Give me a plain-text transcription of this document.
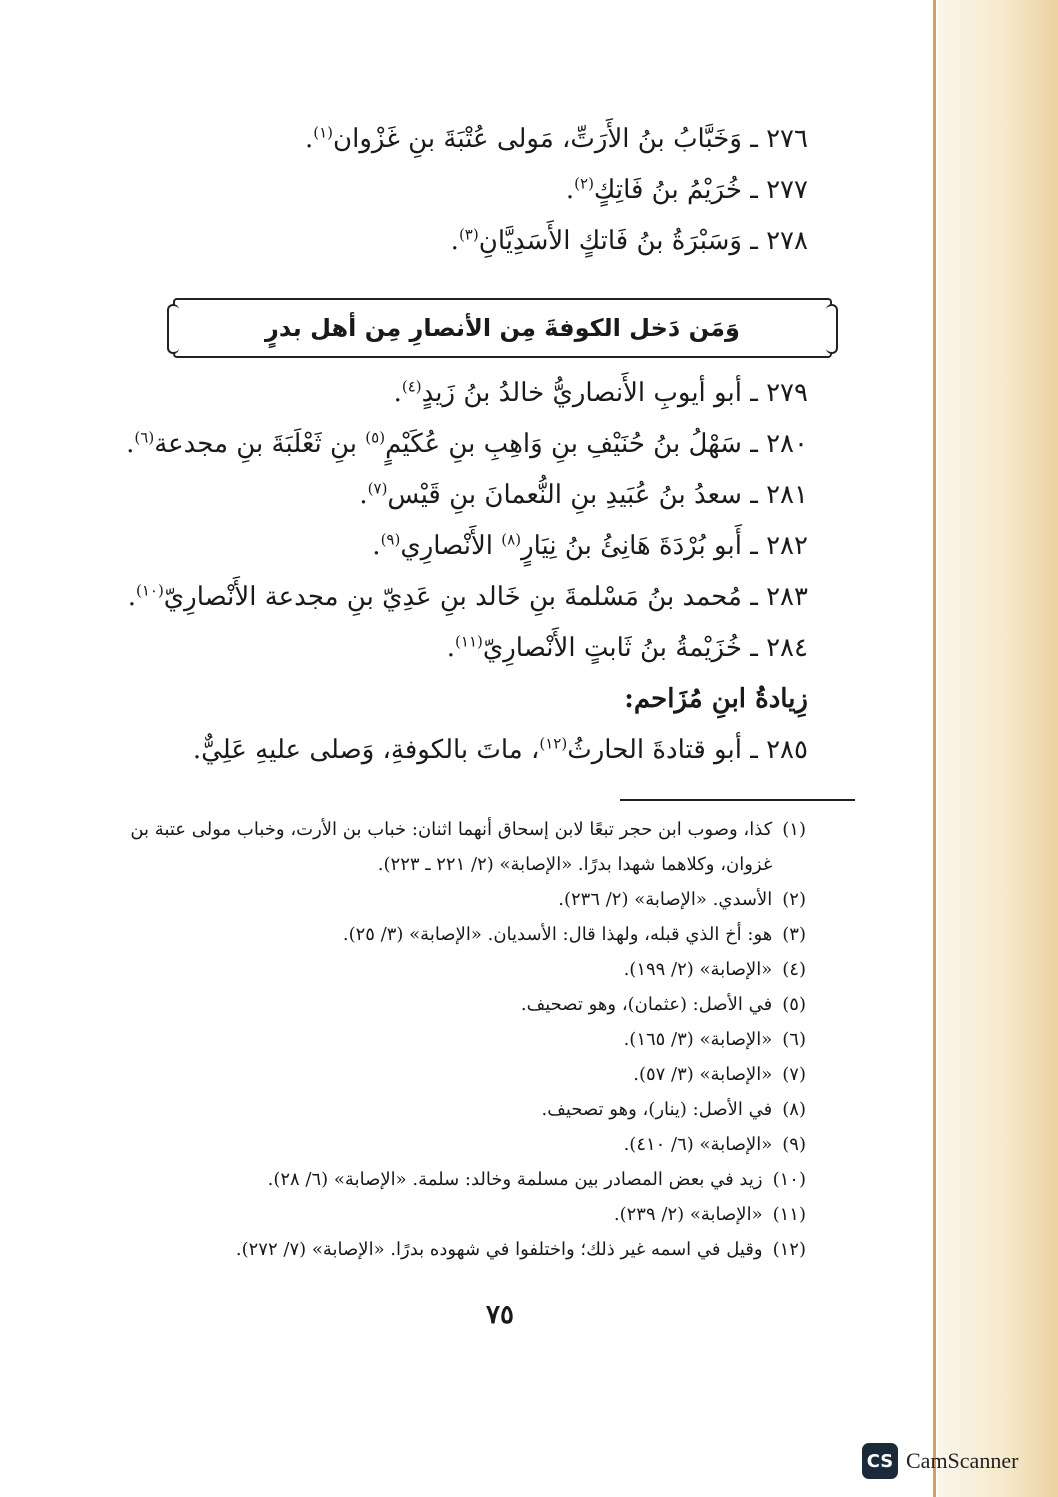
٢٧٦ ـ وَخَبَّابُ بنُ الأَرَتِّ، مَولى عُتْبَةَ بنِ غَزْوان$^{(١)}$.
٢٧٧ ـ خُرَيْمُ بنُ فَاتِكٍ$^{(٢)}$.
٢٧٨ ـ وَسَبْرَةُ بنُ فَاتكٍ الأَسَدِيَّانِ$^{(٣)}$.
وَمَن دَخل الكوفةَ مِن الأنصارِ مِن أهل بدرٍ
٢٧٩ ـ أبو أيوبِ الأَنصاريُّ خالدُ بنُ زَيدٍ$^{(٤)}$.
٢٨٠ ـ سَهْلُ بنُ حُنَيْفِ بنِ وَاهِبِ بنِ عُكَيْمٍ$^{(٥)}$ بنِ ثَعْلَبَةَ بنِ مجدعة$^{(٦)}$.
٢٨١ ـ سعدُ بنُ عُبَيدِ بنِ النُّعمانَ بنِ قَيْس$^{(٧)}$.
٢٨٢ ـ أَبو بُرْدَةَ هَانِئُ بنُ نِيَارٍ$^{(٨)}$ الأَنْصارِي$^{(٩)}$.
٢٨٣ ـ مُحمد بنُ مَسْلمةَ بنِ خَالد بنِ عَدِيّ بنِ مجدعة الأَنْصارِيّ$^{(١٠)}$.
٢٨٤ ـ خُزَيْمةُ بنُ ثَابتٍ الأَنْصارِيّ$^{(١١)}$.
زِيادةُ ابنِ مُزَاحم:
٢٨٥ ـ أبو قتادةَ الحارثُ$^{(١٢)}$، ماتَ بالكوفةِ، وَصلى عليهِ عَلِيٌّ.
(١)
كذا، وصوب ابن حجر تبعًا لابن إسحاق أنهما اثنان: خباب بن الأرت، وخباب مولى عتبة بن غزوان، وكلاهما شهدا بدرًا. «الإصابة» (٢/ ٢٢١ ـ ٢٢٣).
(٢)
الأسدي. «الإصابة» (٢/ ٢٣٦).
(٣)
هو: أخ الذي قبله، ولهذا قال: الأسديان. «الإصابة» (٣/ ٢٥).
(٤)
«الإصابة» (٢/ ١٩٩).
(٥)
في الأصل: (عثمان)، وهو تصحيف.
(٦)
«الإصابة» (٣/ ١٦٥).
(٧)
«الإصابة» (٣/ ٥٧).
(٨)
في الأصل: (ينار)، وهو تصحيف.
(٩)
«الإصابة» (٦/ ٤١٠).
(١٠)
زيد في بعض المصادر بين مسلمة وخالد: سلمة. «الإصابة» (٦/ ٢٨).
(١١)
«الإصابة» (٢/ ٢٣٩).
(١٢)
وقيل في اسمه غير ذلك؛ واختلفوا في شهوده بدرًا. «الإصابة» (٧/ ٢٧٢).
٧٥
CS CamScanner
